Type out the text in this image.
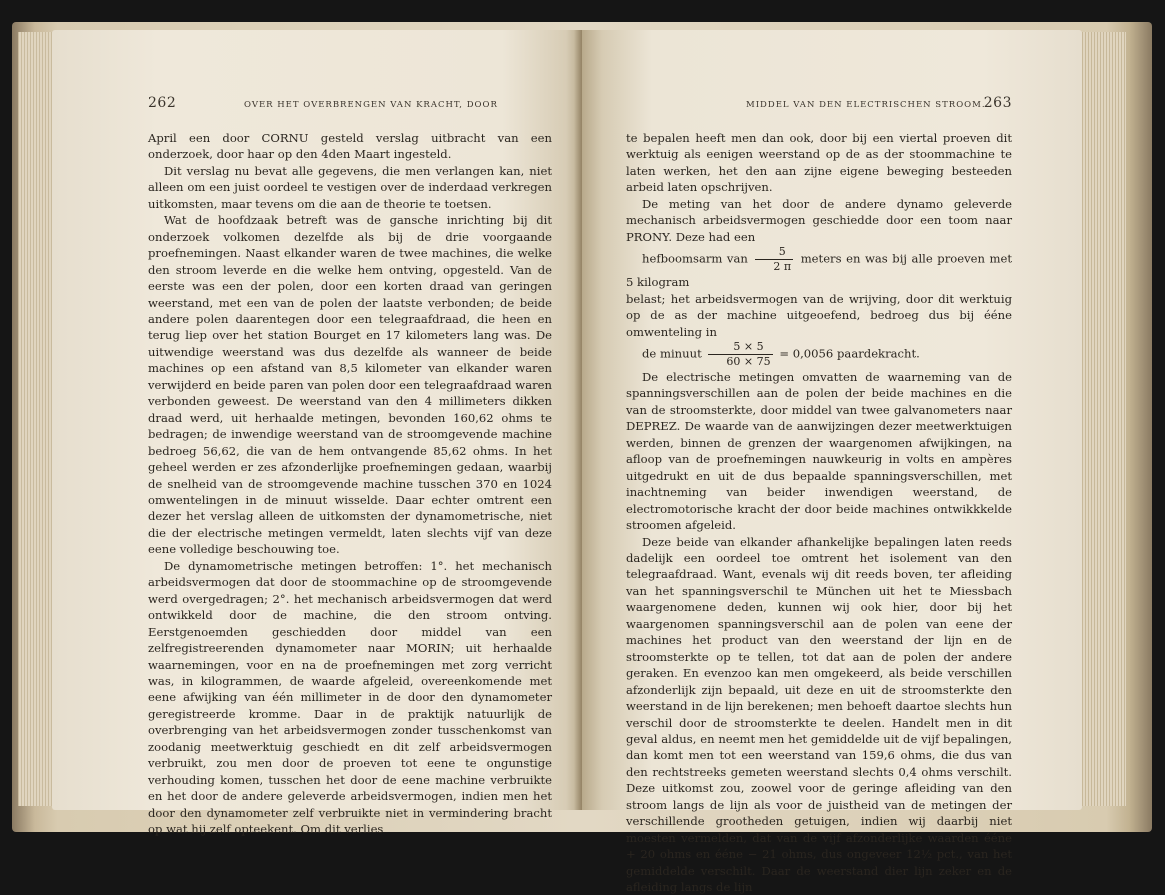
262	OVER HET OVERBRENGEN VAN KRACHT, DOOR

April een door CORNU gesteld verslag uitbracht van een onderzoek, door haar op den 4den Maart ingesteld.

Dit verslag nu bevat alle gegevens, die men verlangen kan, niet alleen om een juist oordeel te vestigen over de inderdaad verkregen uitkomsten, maar tevens om die aan de theorie te toetsen.

Wat de hoofdzaak betreft was de gansche inrichting bij dit onderzoek volkomen dezelfde als bij de drie voorgaande proefnemingen. Naast elkander waren de twee machines, die welke den stroom leverde en die welke hem ontving, opgesteld. Van de eerste was een der polen, door een korten draad van geringen weerstand, met een van de polen der laatste verbonden; de beide andere polen daarentegen door een telegraafdraad, die heen en terug liep over het station Bourget en 17 kilometers lang was. De uitwendige weerstand was dus dezelfde als wanneer de beide machines op een afstand van 8,5 kilometer van elkander waren verwijderd en beide paren van polen door een telegraafdraad waren verbonden geweest. De weerstand van den 4 millimeters dikken draad werd, uit herhaalde metingen, bevonden 160,62 ohms te bedragen; de inwendige weerstand van de stroomgevende machine bedroeg 56,62, die van de hem ontvangende 85,62 ohms. In het geheel werden er zes afzonderlijke proefnemingen gedaan, waarbij de snelheid van de stroomgevende machine tusschen 370 en 1024 omwentelingen in de minuut wisselde. Daar echter omtrent een dezer het verslag alleen de uitkomsten der dynamometrische, niet die der electrische metingen vermeldt, laten slechts vijf van deze eene volledige beschouwing toe.

De dynamometrische metingen betroffen: 1°. het mechanisch arbeidsvermogen dat door de stoommachine op de stroomgevende werd overgedragen; 2°. het mechanisch arbeidsvermogen dat werd ontwikkeld door de machine, die den stroom ontving. Eerstgenoemden geschiedden door middel van een zelfregistreerenden dynamometer naar MORIN; uit herhaalde waarnemingen, voor en na de proefnemingen met zorg verricht was, in kilogrammen, de waarde afgeleid, overeenkomende met eene afwijking van één millimeter in de door den dynamometer geregistreerde kromme. Daar in de praktijk natuurlijk de overbrenging van het arbeidsvermogen zonder tusschenkomst van zoodanig meetwerktuig geschiedt en dit zelf arbeidsvermogen verbruikt, zou men door de proeven tot eene te ongunstige verhouding komen, tusschen het door de eene machine verbruikte en het door de andere geleverde arbeidsvermogen, indien men het door den dynamometer zelf verbruikte niet in vermindering bracht op wat hij zelf opteekent. Om dit verlies

MIDDEL VAN DEN ELECTRISCHEN STROOM.
263

te bepalen heeft men dan ook, door bij een viertal proeven dit werktuig als eenigen weerstand op de as der stoommachine te laten werken, het den aan zijne eigene beweging besteeden arbeid laten opschrijven.

De meting van het door de andere dynamo geleverde mechanisch arbeidsvermogen geschiedde door een toom naar PRONY. Deze had een

hefboomsarm van $\frac{5}{2 \pi}$ meters en was bij alle proeven met 5 kilogram

belast; het arbeidsvermogen van de wrijving, door dit werktuig op de as der machine uitgeoefend, bedroeg dus bij ééne omwenteling in

de minuut $\frac{5 \times 5}{60 \times 75} = 0,0056$ paardekracht.

De electrische metingen omvatten de waarneming van de spanningsverschillen aan de polen der beide machines en die van de stroomsterkte, door middel van twee galvanometers naar DEPREZ. De waarde van de aanwijzingen dezer meetwerktuigen werden, binnen de grenzen der waargenomen afwijkingen, na afloop van de proefnemingen nauwkeurig in volts en ampères uitgedrukt en uit de dus bepaalde spanningsverschillen, met inachtneming van beider inwendigen weerstand, de electromotorische kracht der door beide machines ontwikkkelde stroomen afgeleid.

Deze beide van elkander afhankelijke bepalingen laten reeds dadelijk een oordeel toe omtrent het isolement van den telegraafdraad. Want, evenals wij dit reeds boven, ter afleiding van het spanningsverschil te München uit het te Miessbach waargenomene deden, kunnen wij ook hier, door bij het waargenomen spanningsverschil aan de polen van eene der machines het product van den weerstand der lijn en de stroomsterkte op te tellen, tot dat aan de polen der andere geraken. En evenzoo kan men omgekeerd, als beide verschillen afzonderlijk zijn bepaald, uit deze en uit de stroomsterkte den weerstand in de lijn berekenen; men behoeft daartoe slechts hun verschil door de stroomsterkte te deelen. Handelt men in dit geval aldus, en neemt men het gemiddelde uit de vijf bepalingen, dan komt men tot een weerstand van 159,6 ohms, die dus van den rechtstreeks gemeten weerstand slechts 0,4 ohms verschilt. Deze uitkomst zou, zoowel voor de geringe afleiding van den stroom langs de lijn als voor de juistheid van de metingen der verschillende grootheden getuigen, indien wij daarbij niet moesten vermelden, dat van de vijf afzonderlijke waarden ééne + 20 ohms en ééne − 21 ohms, dus ongeveer 12½ pct., van het gemiddelde verschilt. Daar de weerstand dier lijn zeker en de afleiding langs de lijn
